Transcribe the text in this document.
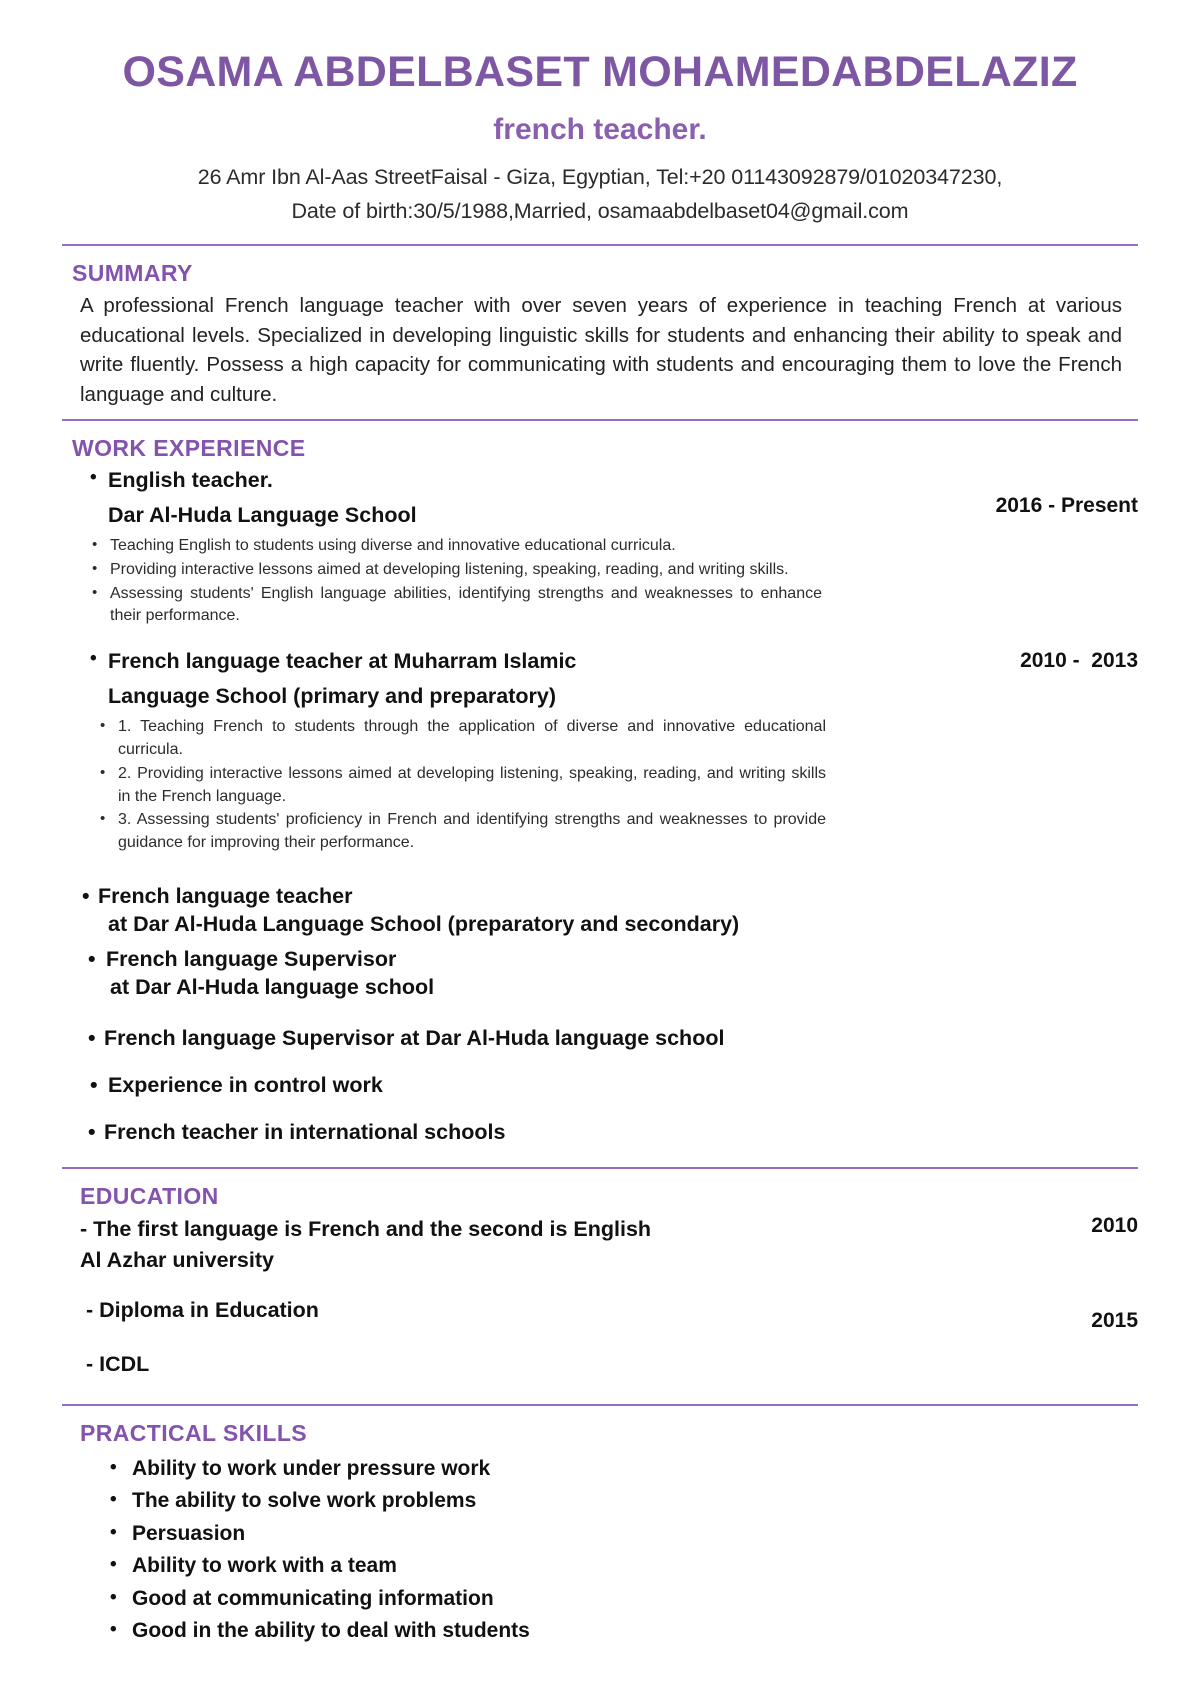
OSAMA ABDELBASET MOHAMEDABDELAZIZ
french teacher.
26 Amr Ibn Al-Aas StreetFaisal - Giza, Egyptian, Tel:+20 01143092879/01020347230,
Date of birth:30/5/1988,Married, osamaabdelbaset04@gmail.com
SUMMARY
A professional French language teacher with over seven years of experience in teaching French at various educational levels. Specialized in developing linguistic skills for students and enhancing their ability to speak and write fluently. Possess a high capacity for communicating with students and encouraging them to love the French language and culture.
WORK EXPERIENCE
• English teacher.
Dar Al-Huda Language School	2016 - Present
• Teaching English to students using diverse and innovative educational curricula.
• Providing interactive lessons aimed at developing listening, speaking, reading, and writing skills.
• Assessing students' English language abilities, identifying strengths and weaknesses to enhance their performance.
• French language teacher at Muharram Islamic
Language School (primary and preparatory)
2010 -  2013
• 1. Teaching French to students through the application of diverse and innovative educational curricula.
• 2. Providing interactive lessons aimed at developing listening, speaking, reading, and writing skills in the French language.
• 3. Assessing students' proficiency in French and identifying strengths and weaknesses to provide guidance for improving their performance.
• French language teacher
at Dar Al-Huda Language School (preparatory and secondary)
• French language Supervisor
at Dar Al-Huda language school
• French language Supervisor at Dar Al-Huda language school
• Experience in control work
• French teacher in international schools
EDUCATION
- The first language is French and the second is English
Al Azhar university
2010
- Diploma in Education	2015
- ICDL
PRACTICAL SKILLS
• Ability to work under pressure work
• The ability to solve work problems
• Persuasion
• Ability to work with a team
• Good at communicating information
• Good in the ability to deal with students
